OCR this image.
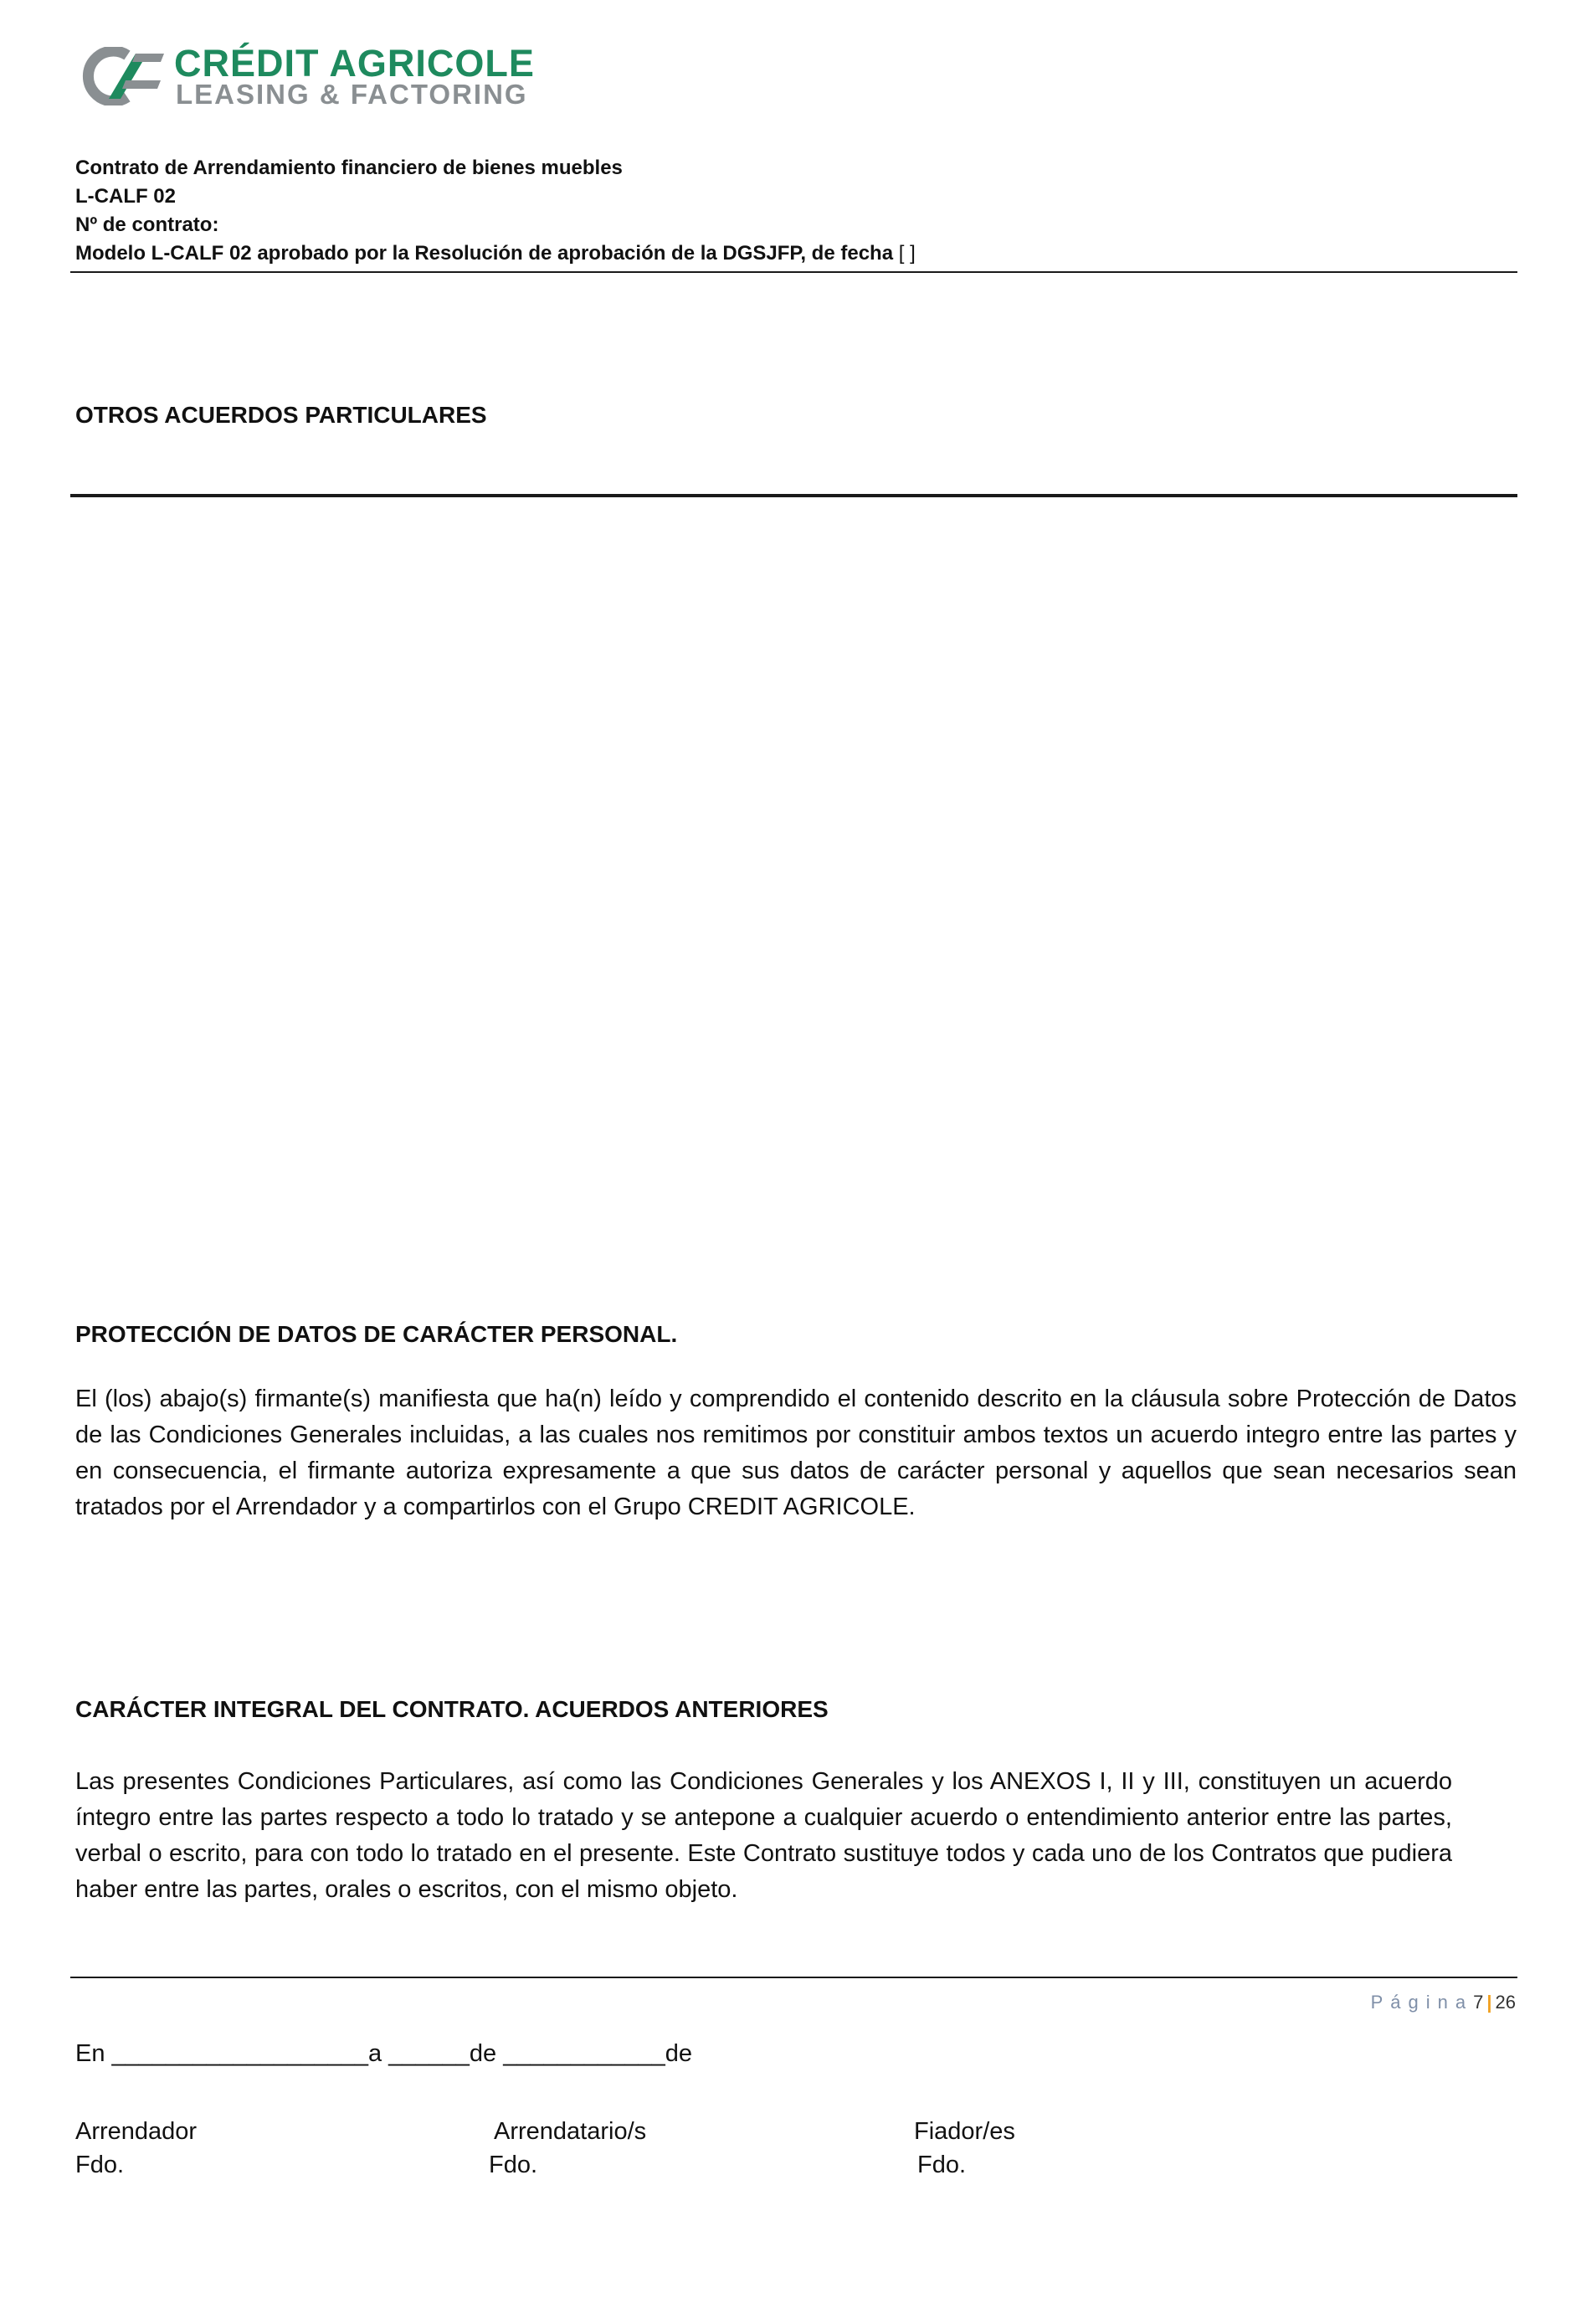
CRÉDIT AGRICOLE
LEASING & FACTORING
Contrato de Arrendamiento financiero de bienes muebles
L-CALF 02
Nº de contrato:
Modelo L-CALF 02 aprobado por la Resolución de aprobación de la DGSJFP, de fecha [ ]
OTROS ACUERDOS PARTICULARES
PROTECCIÓN DE DATOS DE CARÁCTER PERSONAL.
El (los) abajo(s) firmante(s) manifiesta que ha(n) leído y comprendido el contenido descrito en la cláusula sobre Protección de Datos de las Condiciones Generales incluidas, a las cuales nos remitimos por constituir ambos textos un acuerdo integro entre las partes y en consecuencia, el firmante autoriza expresamente a que sus datos de carácter personal y aquellos que sean necesarios sean tratados por el Arrendador y a compartirlos con el Grupo CREDIT AGRICOLE.
CARÁCTER INTEGRAL DEL CONTRATO. ACUERDOS ANTERIORES
Las presentes Condiciones Particulares, así como las Condiciones Generales y los ANEXOS I, II y III, constituyen un acuerdo íntegro entre las partes respecto a todo lo tratado y se antepone a cualquier acuerdo o entendimiento anterior entre las partes, verbal o escrito, para con todo lo tratado en el presente. Este Contrato sustituye todos y cada uno de los Contratos que pudiera haber entre las partes, orales o escritos, con el mismo objeto.
Página7 | 26
En ___________________a ______de ____________de
Arrendador
Fdo.
Arrendatario/s
Fdo.
Fiador/es
Fdo.
